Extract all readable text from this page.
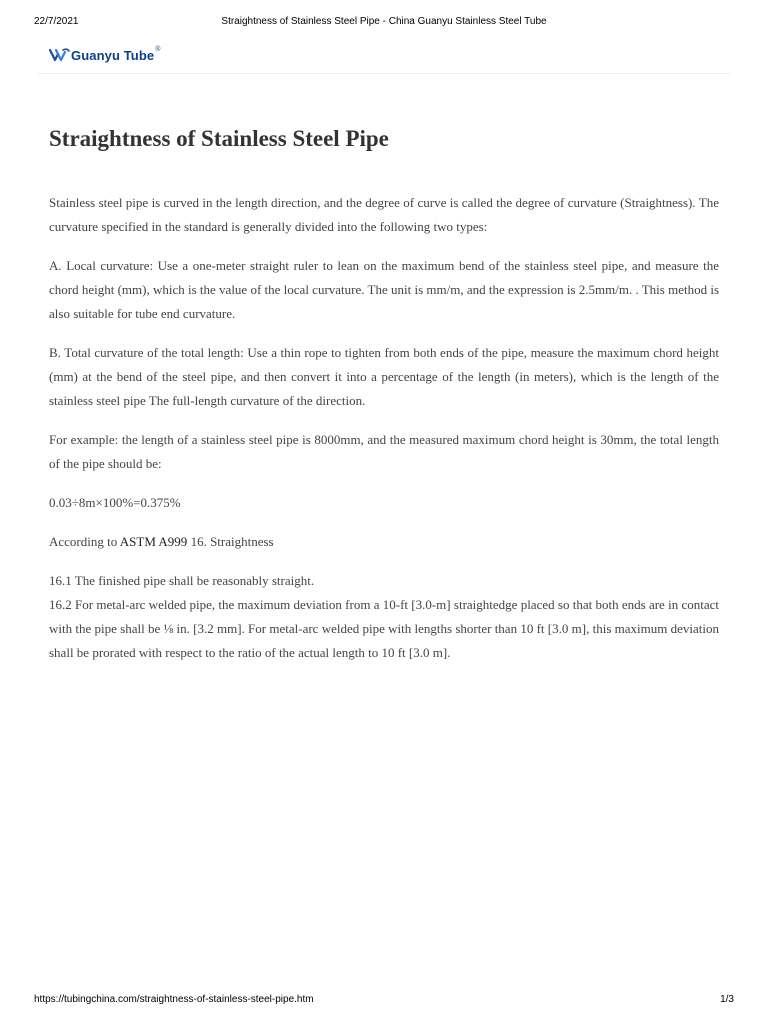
22/7/2021	Straightness of Stainless Steel Pipe - China Guanyu Stainless Steel Tube
Guanyu Tube ®
Straightness of Stainless Steel Pipe

Stainless steel pipe is curved in the length direction, and the degree of curve is called the degree of curvature (Straightness). The curvature specified in the standard is generally divided into the following two types:

A. Local curvature: Use a one-meter straight ruler to lean on the maximum bend of the stainless steel pipe, and measure the chord height (mm), which is the value of the local curvature. The unit is mm/m, and the expression is 2.5mm/m. . This method is also suitable for tube end curvature.

B. Total curvature of the total length: Use a thin rope to tighten from both ends of the pipe, measure the maximum chord height (mm) at the bend of the steel pipe, and then convert it into a percentage of the length (in meters), which is the length of the stainless steel pipe The full-length curvature of the direction.

For example: the length of a stainless steel pipe is 8000mm, and the measured maximum chord height is 30mm, the total length of the pipe should be:

0.03÷8m×100%=0.375%

According to ASTM A999 16. Straightness

16.1 The finished pipe shall be reasonably straight.

16.2 For metal-arc welded pipe, the maximum deviation from a 10-ft [3.0-m] straightedge placed so that both ends are in contact with the pipe shall be ⅛ in. [3.2 mm]. For metal-arc welded pipe with lengths shorter than 10 ft [3.0 m], this maximum deviation shall be prorated with respect to the ratio of the actual length to 10 ft [3.0 m].

https://tubingchina.com/straightness-of-stainless-steel-pipe.htm	1/3
